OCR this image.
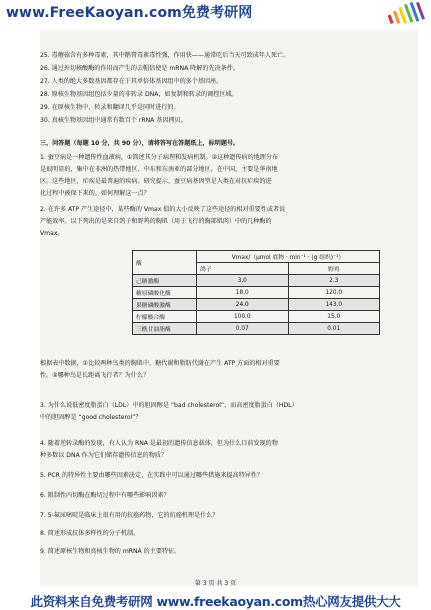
www.FreeKaoyan.com免费考研网
25. 毒蘑菇含有多种毒素，其中鹅膏毒素毒性强，作用快——通常吃后当天可致成年人死亡。
26. 通过外切核酸酶的作用而产生的去帽信使是 mRNA 降解的先决条件。
27. 人类的绝大多数基因都存在于其单倍体基因组中的多个基因座。
28. 原核生物基因组包括少量的非转录 DNA，如复制和转录的调控区域。
29. 在原核生物中，转录和翻译几乎是同时进行的。
30. 真核生物基因组中通常有数百个 rRNA 基因拷贝。
三、问答题（每题 10 分，共 90 分），请将答写在答题纸上，标明题号。
1. 蚕豆病是一种遗传性血液病，①简述其分子病理和发病机制。②这种遗传病的地理分布
是很明显的，集中在非洲的热带地区、中东和东南亚的部分地区，在中国，主要是华南地
区。这些地区，疟疾是最普遍的疾病。研究提示，蚕豆病基因型是人类在对抗疟疾的进
化过程中被保下来的。如何理解这一点？
2. 在许多 ATP 产生途径中，某些酶的 Vmax 值的大小反映了这些途径的相对重要性或者说
产能效率。以下列出的是来自鸽子和野鸡的胸肌（用于飞行的胸部肌肉）中的几种酶的
Vmax。
酶	Vmax/（μmol 底物 · min⁻¹ · (g 组织)⁻¹）	
	鸽子	野鸡
己糖激酶	3.0	2.3
糖原磷酸化酶	18.0	120.0
果糖磷酸激酶	24.0	143.0
柠檬酸合酶	100.0	15.0
三酰甘油脂酶	0.07	0.01
根据表中数据，①比较两种鸟类的胸肌中，糖代谢和脂肪代谢在产生 ATP 方面的相对重要
性。②哪种鸟是长距离飞行者？为什么？
3. 为什么说低密度脂蛋白（LDL）中的胆固醇是 “bad cholesterol”，而高密度脂蛋白（HDL）
中的胆固醇是 “good cholesterol”？
4. 随着逆转录酶的发现，有人认为 RNA 是最初的遗传信息载体，但为什么目前发现的物
种多数以 DNA 作为它们储存遗传信息的物质？
5. PCR 的特异性主要由哪些因素决定，在实践中可以通过哪些措施来提高特异性？
6. 限制性内切酶在酶切过程中有哪些影响因素？
7. 5-氟尿嘧啶是临床上很有用的抗癌药物，它的抗癌机理是什么？
8. 简述形成抗体多样性的分子机制。
9. 简述原核生物和真核生物的 mRNA 的主要特征。
第 3 页 共 3 页
此资料来自免费考研网 www.freekaoyan.com热心网友提供大大
